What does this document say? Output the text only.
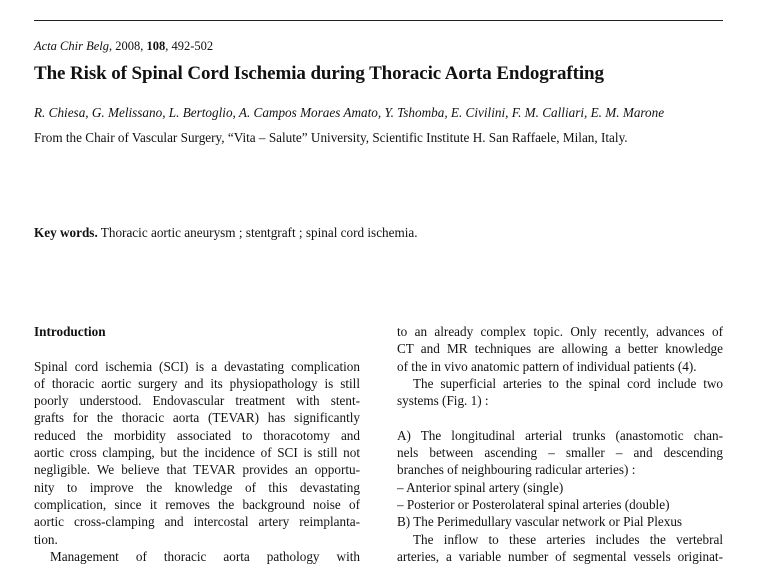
Acta Chir Belg, 2008, 108, 492-502
The Risk of Spinal Cord Ischemia during Thoracic Aorta Endografting
R. Chiesa, G. Melissano, L. Bertoglio, A. Campos Moraes Amato, Y. Tshomba, E. Civilini, F. M. Calliari, E. M. Marone
From the Chair of Vascular Surgery, “Vita – Salute” University, Scientific Institute H. San Raffaele, Milan, Italy.
Key words. Thoracic aortic aneurysm ; stentgraft ; spinal cord ischemia.
Introduction
Spinal cord ischemia (SCI) is a devastating complication
of thoracic aortic surgery and its physiopathology is still
poorly understood. Endovascular treatment with stent-
grafts for the thoracic aorta (TEVAR) has significantly
reduced the morbidity associated to thoracotomy and
aortic cross clamping, but the incidence of SCI is still not
negligible. We believe that TEVAR provides an opportu-
nity to improve the knowledge of this devastating
complication, since it removes the background noise of
aortic cross-clamping and intercostal artery reimplanta-
tion.
Management of thoracic aorta pathology with
to an already complex topic. Only recently, advances of
CT and MR techniques are allowing a better knowledge
of the in vivo anatomic pattern of individual patients (4).
The superficial arteries to the spinal cord include two
systems (Fig. 1) :
A) The longitudinal arterial trunks (anastomotic chan-
nels between ascending – smaller – and descending
branches of neighbouring radicular arteries) :
– Anterior spinal artery (single)
– Posterior or Posterolateral spinal arteries (double)
B) The Perimedullary vascular network or Pial Plexus
The inflow to these arteries includes the vertebral
arteries, a variable number of segmental vessels originat-
